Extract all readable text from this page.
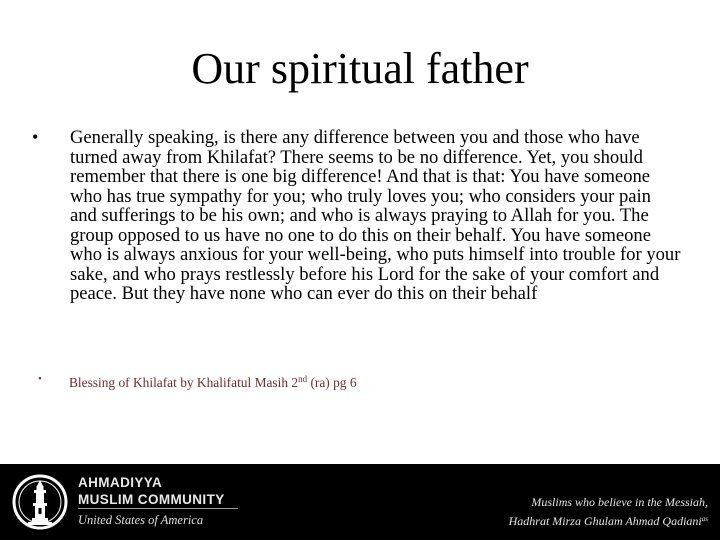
Our spiritual father
• Generally speaking, is there any difference between you and those who have turned away from Khilafat? There seems to be no difference. Yet, you should remember that there is one big difference! And that is that: You have someone who has true sympathy for you; who truly loves you; who considers your pain and sufferings to be his own; and who is always praying to Allah for you. The group opposed to us have no one to do this on their behalf. You have someone who is always anxious for your well-being, who puts himself into trouble for your sake, and who prays restlessly before his Lord for the sake of your comfort and peace. But they have none who can ever do this on their behalf
• Blessing of Khilafat by Khalifatul Masih 2nd (ra) pg 6
AHMADIYYA
MUSLIM COMMUNITY
United States of America
Muslims who believe in the Messiah,
Hadhrat Mirza Ghulam Ahmad Qadiani$^{as}$
